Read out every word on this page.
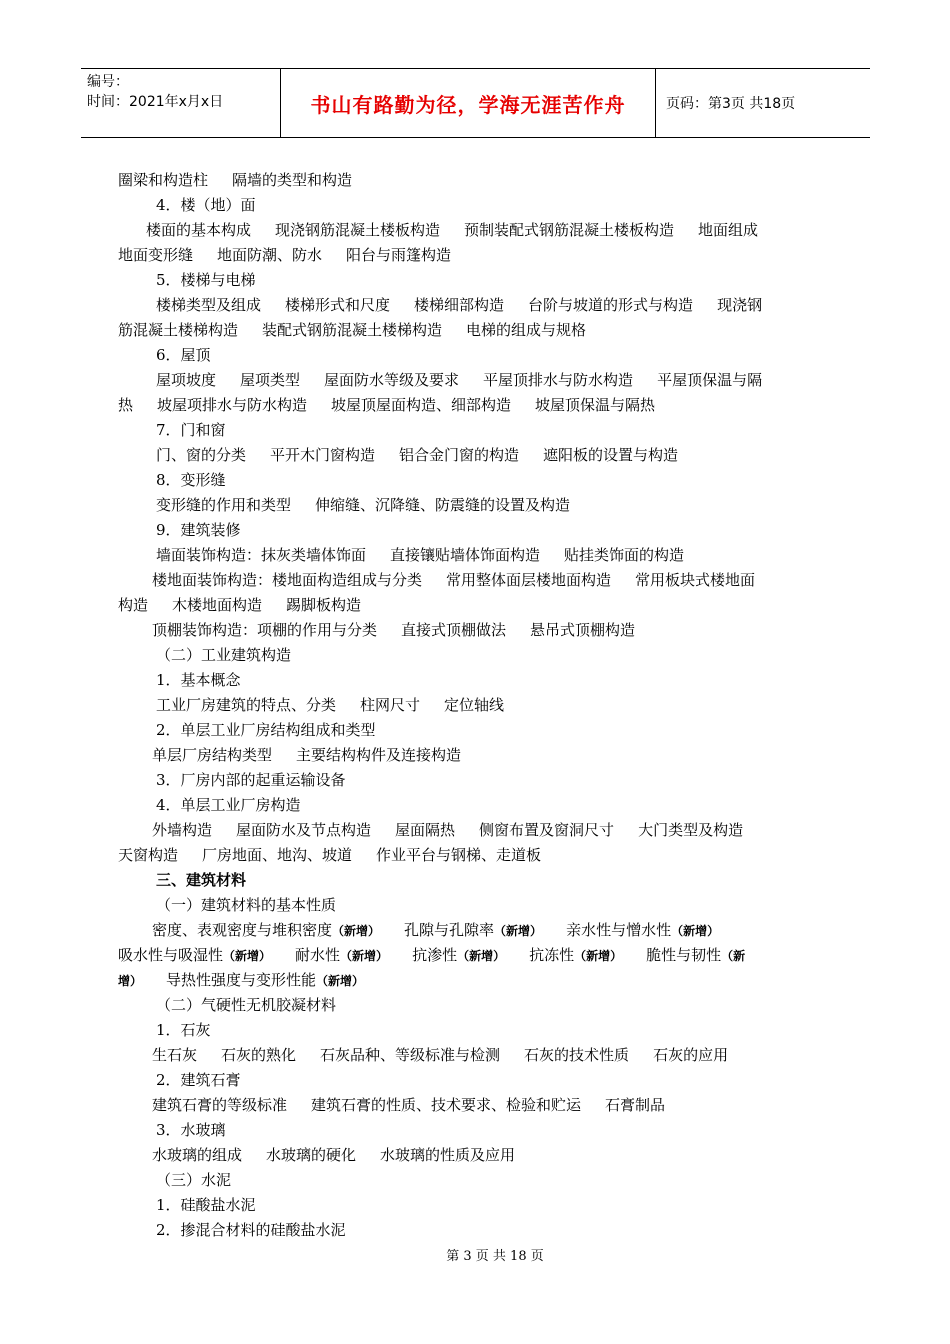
编号：
时间：2021年x月x日	书山有路勤为径，学海无涯苦作舟	页码：第3页 共18页
圈梁和构造柱 隔墙的类型和构造
4．楼（地）面
楼面的基本构成 现浇钢筋混凝土楼板构造 预制装配式钢筋混凝土楼板构造 地面组成
地面变形缝 地面防潮、防水 阳台与雨篷构造
5．楼梯与电梯
楼梯类型及组成 楼梯形式和尺度 楼梯细部构造 台阶与坡道的形式与构造 现浇钢
筋混凝土楼梯构造 装配式钢筋混凝土楼梯构造 电梯的组成与规格
6．屋顶
屋项坡度 屋项类型 屋面防水等级及要求 平屋顶排水与防水构造 平屋顶保温与隔
热 坡屋项排水与防水构造 坡屋顶屋面构造、细部构造 坡屋顶保温与隔热
7．门和窗
门、窗的分类 平开木门窗构造 铝合金门窗的构造 遮阳板的设置与构造
8．变形缝
变形缝的作用和类型 伸缩缝、沉降缝、防震缝的设置及构造
9．建筑装修
墙面装饰构造：抹灰类墙体饰面 直接镶贴墙体饰面构造 贴挂类饰面的构造
楼地面装饰构造：楼地面构造组成与分类 常用整体面层楼地面构造 常用板块式楼地面
构造 木楼地面构造 踢脚板构造
顶棚装饰构造：项棚的作用与分类 直接式顶棚做法 悬吊式顶棚构造
（二）工业建筑构造
1．基本概念
工业厂房建筑的特点、分类 柱网尺寸 定位轴线
2．单层工业厂房结构组成和类型
单层厂房结构类型 主要结构构件及连接构造
3．厂房内部的起重运输设备
4．单层工业厂房构造
外墙构造 屋面防水及节点构造 屋面隔热 侧窗布置及窗洞尺寸 大门类型及构造
天窗构造 厂房地面、地沟、坡道 作业平台与钢梯、走道板
三、建筑材料
（一）建筑材料的基本性质
密度、表观密度与堆积密度（新增） 孔隙与孔隙率（新增） 亲水性与憎水性（新增）
吸水性与吸湿性（新增） 耐水性（新增） 抗渗性（新增） 抗冻性（新增） 脆性与韧性（新
增） 导热性强度与变形性能（新增）
（二）气硬性无机胶凝材料
1．石灰
生石灰 石灰的熟化 石灰品种、等级标准与检测 石灰的技术性质 石灰的应用
2．建筑石膏
建筑石膏的等级标准 建筑石膏的性质、技术要求、检验和贮运 石膏制品
3．水玻璃
水玻璃的组成 水玻璃的硬化 水玻璃的性质及应用
（三）水泥
1．硅酸盐水泥
2．掺混合材料的硅酸盐水泥
第 3 页 共 18 页
